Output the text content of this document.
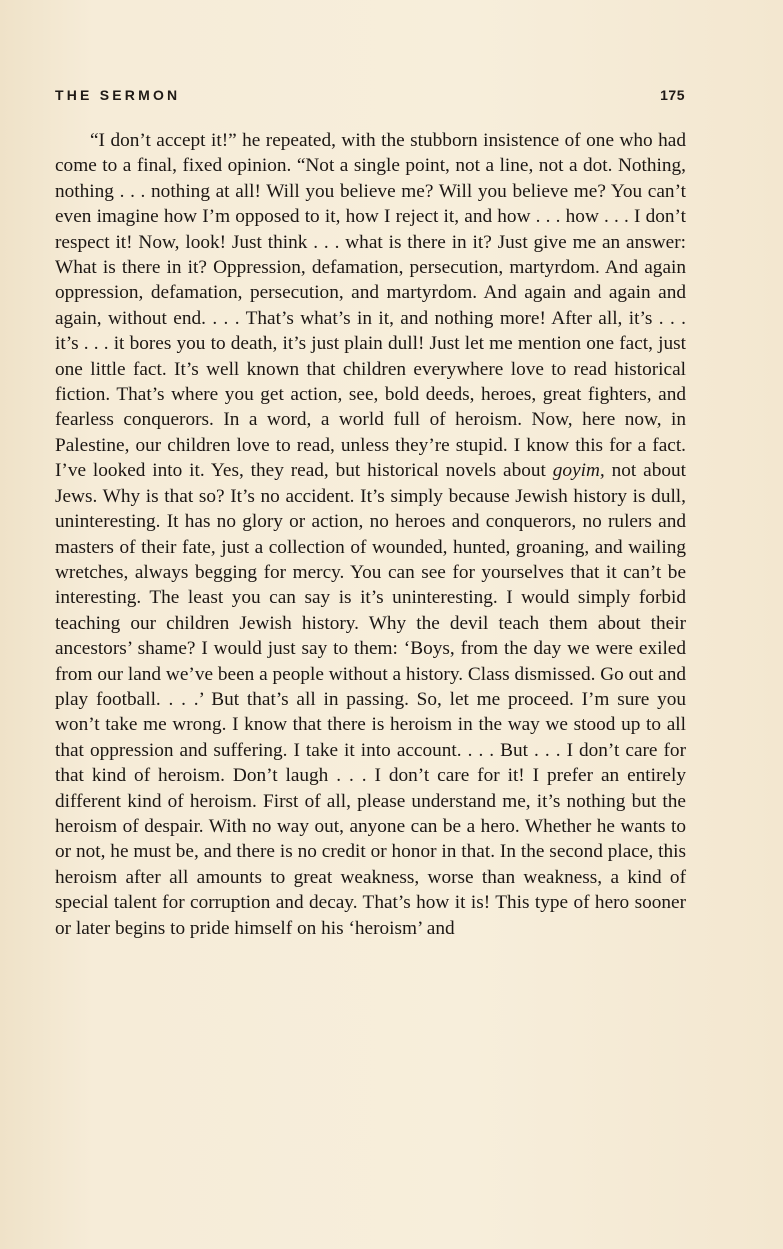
THE SERMON	175

“I don’t accept it!” he repeated, with the stubborn insistence of one who had come to a final, fixed opinion. “Not a single point, not a line, not a dot. Nothing, nothing . . . nothing at all! Will you believe me? Will you believe me? You can’t even imagine how I’m opposed to it, how I reject it, and how . . . how . . . I don’t respect it! Now, look! Just think . . . what is there in it? Just give me an answer: What is there in it? Oppression, defamation, persecution, martyrdom. And again oppression, defamation, persecution, and martyrdom. And again and again and again, without end. . . . That’s what’s in it, and nothing more! After all, it’s . . . it’s . . . it bores you to death, it’s just plain dull! Just let me mention one fact, just one little fact. It’s well known that children everywhere love to read historical fiction. That’s where you get action, see, bold deeds, heroes, great fighters, and fearless conquerors. In a word, a world full of heroism. Now, here now, in Palestine, our children love to read, unless they’re stupid. I know this for a fact. I’ve looked into it. Yes, they read, but historical novels about goyim, not about Jews. Why is that so? It’s no accident. It’s simply because Jewish history is dull, uninteresting. It has no glory or action, no heroes and conquerors, no rulers and masters of their fate, just a collection of wounded, hunted, groaning, and wailing wretches, always begging for mercy. You can see for yourselves that it can’t be interesting. The least you can say is it’s uninteresting. I would simply forbid teaching our children Jewish history. Why the devil teach them about their ancestors’ shame? I would just say to them: ‘Boys, from the day we were exiled from our land we’ve been a people without a history. Class dismissed. Go out and play football. . . .’ But that’s all in passing. So, let me proceed. I’m sure you won’t take me wrong. I know that there is heroism in the way we stood up to all that oppression and suffering. I take it into account. . . . But . . . I don’t care for that kind of heroism. Don’t laugh . . . I don’t care for it! I prefer an entirely different kind of heroism. First of all, please understand me, it’s nothing but the heroism of despair. With no way out, anyone can be a hero. Whether he wants to or not, he must be, and there is no credit or honor in that. In the second place, this heroism after all amounts to great weakness, worse than weakness, a kind of special talent for corruption and decay. That’s how it is! This type of hero sooner or later begins to pride himself on his ‘heroism’ and
